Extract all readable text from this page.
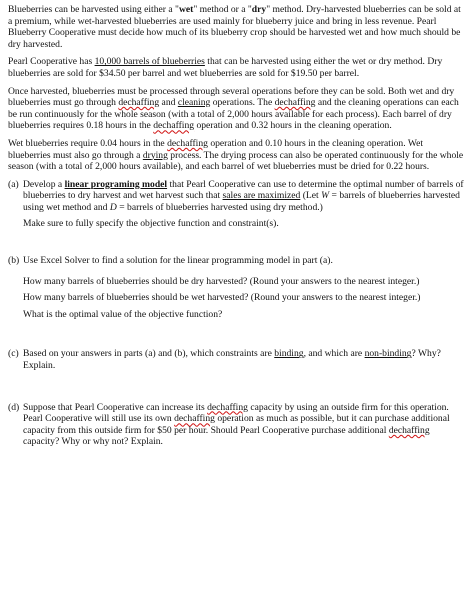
Blueberries can be harvested using either a "wet" method or a "dry" method. Dry-harvested blueberries can be sold at a premium, while wet-harvested blueberries are used mainly for blueberry juice and bring in less revenue. Pearl Blueberry Cooperative must decide how much of its blueberry crop should be harvested wet and how much should be dry harvested.

Pearl Cooperative has 10,000 barrels of blueberries that can be harvested using either the wet or dry method. Dry blueberries are sold for $34.50 per barrel and wet blueberries are sold for $19.50 per barrel.

Once harvested, blueberries must be processed through several operations before they can be sold. Both wet and dry blueberries must go through dechaffing and cleaning operations. The dechaffing and the cleaning operations can each be run continuously for the whole season (with a total of 2,000 hours available for each process). Each barrel of dry blueberries requires 0.18 hours in the dechaffing operation and 0.32 hours in the cleaning operation.

Wet blueberries require 0.04 hours in the dechaffing operation and 0.10 hours in the cleaning operation. Wet blueberries must also go through a drying process. The drying process can also be operated continuously for the whole season (with a total of 2,000 hours available), and each barrel of wet blueberries must be dried for 0.22 hours.

(a) Develop a linear programing model that Pearl Cooperative can use to determine the optimal number of barrels of blueberries to dry harvest and wet harvest such that sales are maximized (Let W = barrels of blueberries harvested using wet method and D = barrels of blueberries harvested using dry method.)

Make sure to fully specify the objective function and constraint(s).

(b) Use Excel Solver to find a solution for the linear programming model in part (a).

How many barrels of blueberries should be dry harvested? (Round your answers to the nearest integer.)

How many barrels of blueberries should be wet harvested? (Round your answers to the nearest integer.)

What is the optimal value of the objective function?

(c) Based on your answers in parts (a) and (b), which constraints are binding, and which are non-binding? Why? Explain.

(d) Suppose that Pearl Cooperative can increase its dechaffing capacity by using an outside firm for this operation. Pearl Cooperative will still use its own dechaffing operation as much as possible, but it can purchase additional capacity from this outside firm for $50 per hour. Should Pearl Cooperative purchase additional dechaffing capacity? Why or why not? Explain.
